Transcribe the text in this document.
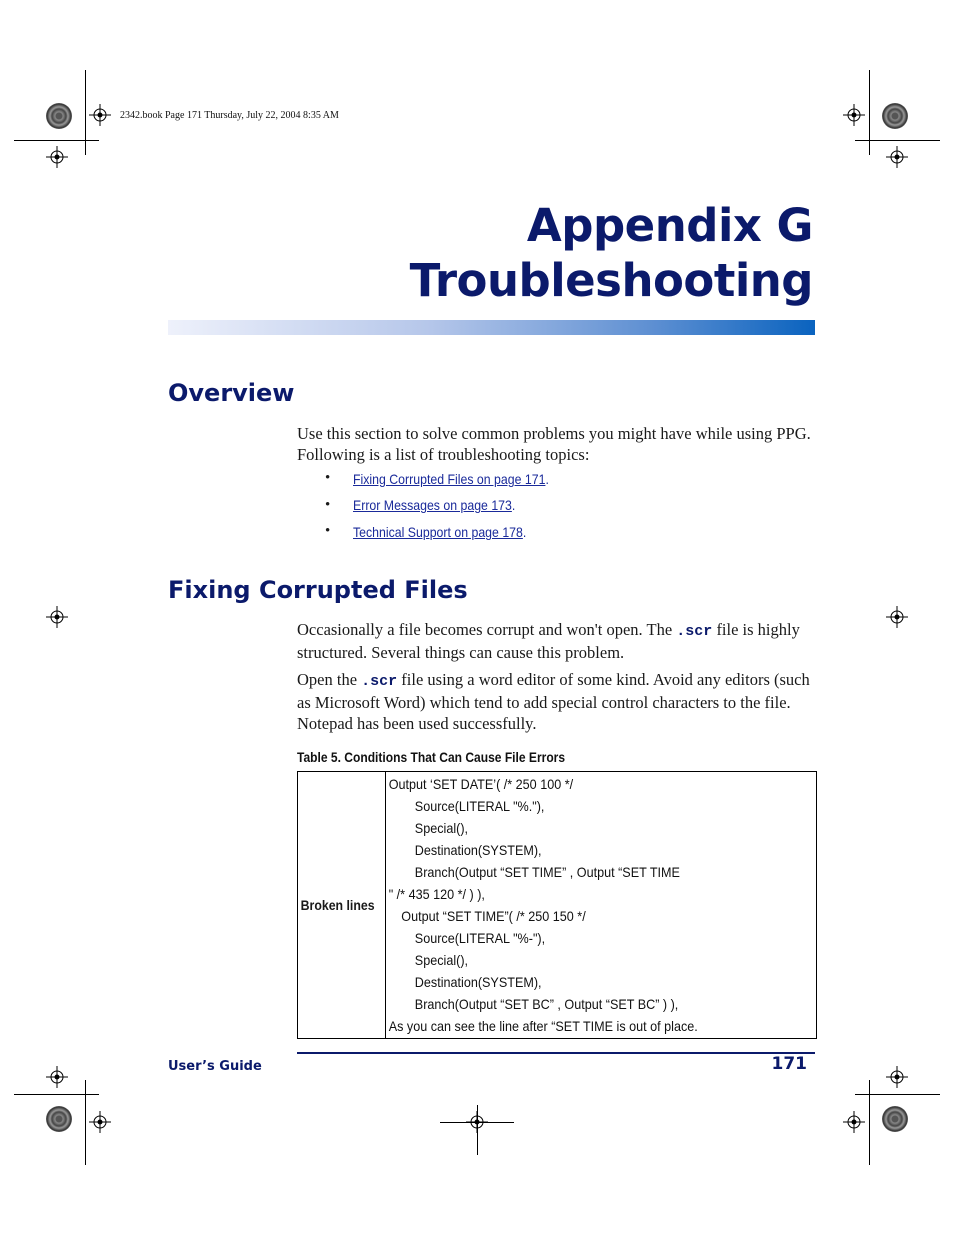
2342.book Page 171 Thursday, July 22, 2004 8:35 AM
Appendix G
Troubleshooting
Overview
Use this section to solve common problems you might have while using PPG. Following is a list of troubleshooting topics:
• Fixing Corrupted Files on page 171.
• Error Messages on page 173.
• Technical Support on page 178.
Fixing Corrupted Files
Occasionally a file becomes corrupt and won't open. The .scr file is highly structured. Several things can cause this problem.
Open the .scr file using a word editor of some kind. Avoid any editors (such as Microsoft Word) which tend to add special control characters to the file. Notepad has been used successfully.
Table 5. Conditions That Can Cause File Errors
Broken lines

Output ‘SET DATE’( /* 250 100 */
Source(LITERAL "%."),
Special(),
Destination(SYSTEM),
Branch(Output “SET TIME” , Output “SET TIME
" /* 435 120 */ ) ),
Output “SET TIME”( /* 250 150 */
Source(LITERAL "%-"),
Special(),
Destination(SYSTEM),
Branch(Output “SET BC” , Output “SET BC” ) ),
As you can see the line after “SET TIME is out of place.
User’s Guide	171
